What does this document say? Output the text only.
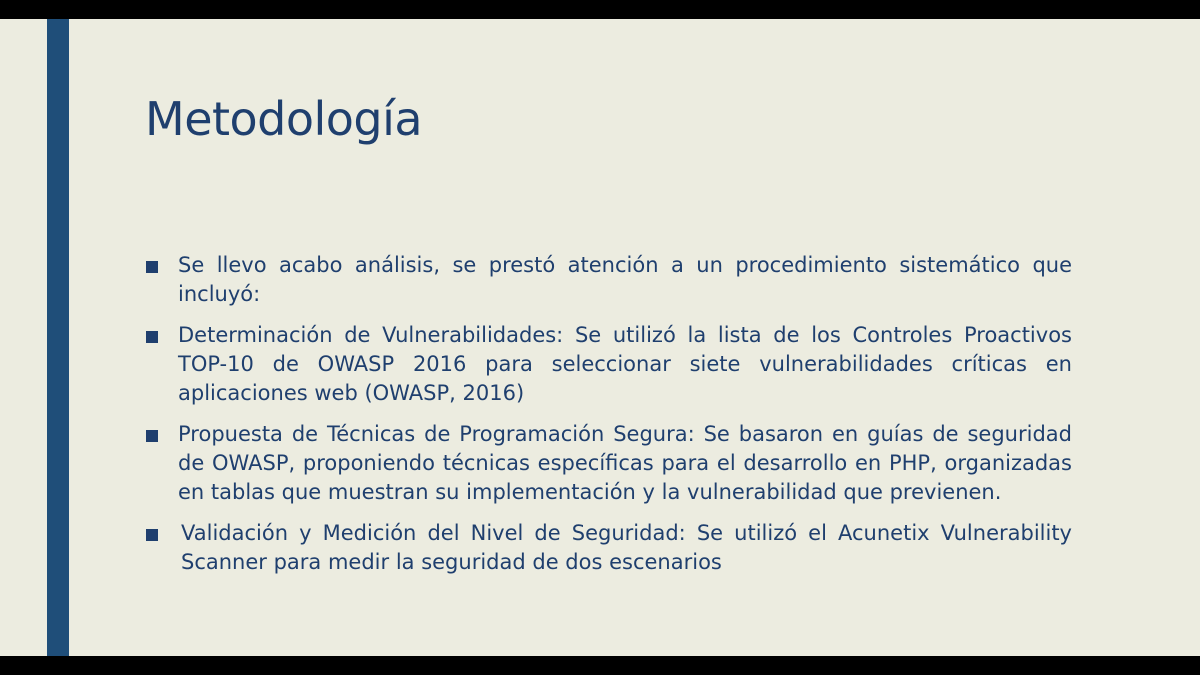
Metodología
Se llevo acabo análisis, se prestó atención a un procedimiento sistemático que incluyó:
Determinación de Vulnerabilidades: Se utilizó la lista de los Controles Proactivos TOP-10 de OWASP 2016 para seleccionar siete vulnerabilidades críticas en aplicaciones web (OWASP, 2016)
Propuesta de Técnicas de Programación Segura: Se basaron en guías de seguridad de OWASP, proponiendo técnicas específicas para el desarrollo en PHP, organizadas en tablas que muestran su implementación y la vulnerabilidad que previenen.
Validación y Medición del Nivel de Seguridad: Se utilizó el Acunetix Vulnerability Scanner para medir la seguridad de dos escenarios
